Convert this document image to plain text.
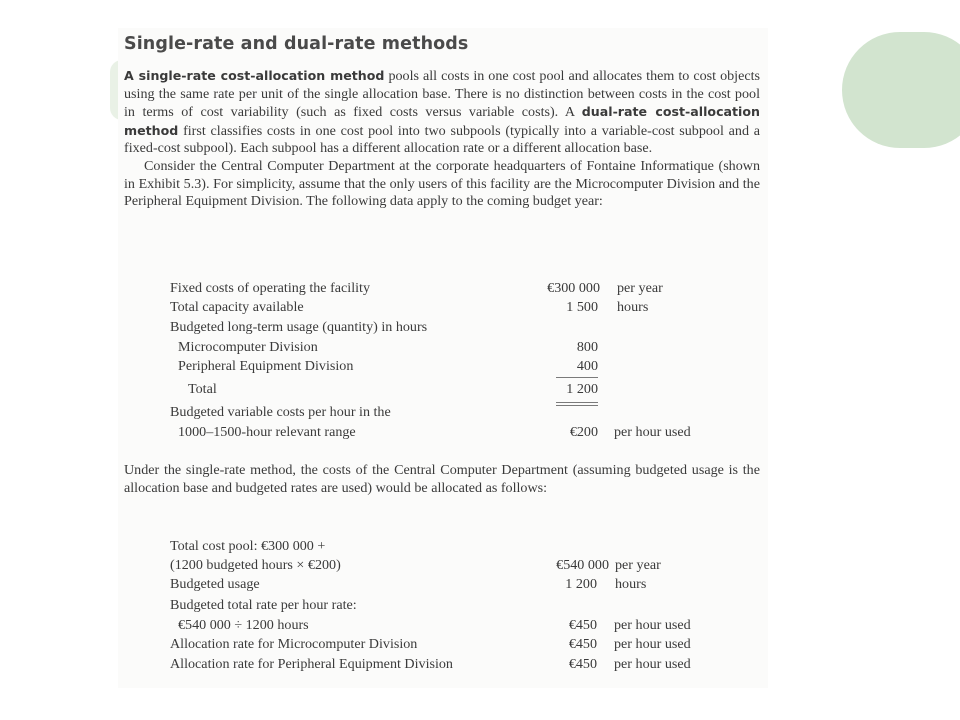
Single-rate and dual-rate methods

A single-rate cost-allocation method pools all costs in one cost pool and allocates them to cost objects using the same rate per unit of the single allocation base. There is no distinction between costs in the cost pool in terms of cost variability (such as fixed costs versus variable costs). A dual-rate cost-allocation method first classifies costs in one cost pool into two subpools (typically into a variable-cost subpool and a fixed-cost subpool). Each subpool has a different allocation rate or a different allocation base.
Consider the Central Computer Department at the corporate headquarters of Fontaine Informatique (shown in Exhibit 5.3). For simplicity, assume that the only users of this facility are the Microcomputer Division and the Peripheral Equipment Division. The following data apply to the coming budget year:

Fixed costs of operating the facility	€300 000 per year
Total capacity available	1 500 hours
Budgeted long-term usage (quantity) in hours
Microcomputer Division	800
Peripheral Equipment Division	400
Total	1 200
Budgeted variable costs per hour in the
1000–1500-hour relevant range	€200 per hour used

Under the single-rate method, the costs of the Central Computer Department (assuming budgeted usage is the allocation base and budgeted rates are used) would be allocated as follows:

Total cost pool: €300 000 +
(1200 budgeted hours × €200)	€540 000 per year
Budgeted usage	1 200 hours
Budgeted total rate per hour rate:
€540 000 ÷ 1200 hours	€450 per hour used
Allocation rate for Microcomputer Division	€450 per hour used
Allocation rate for Peripheral Equipment Division	€450 per hour used
